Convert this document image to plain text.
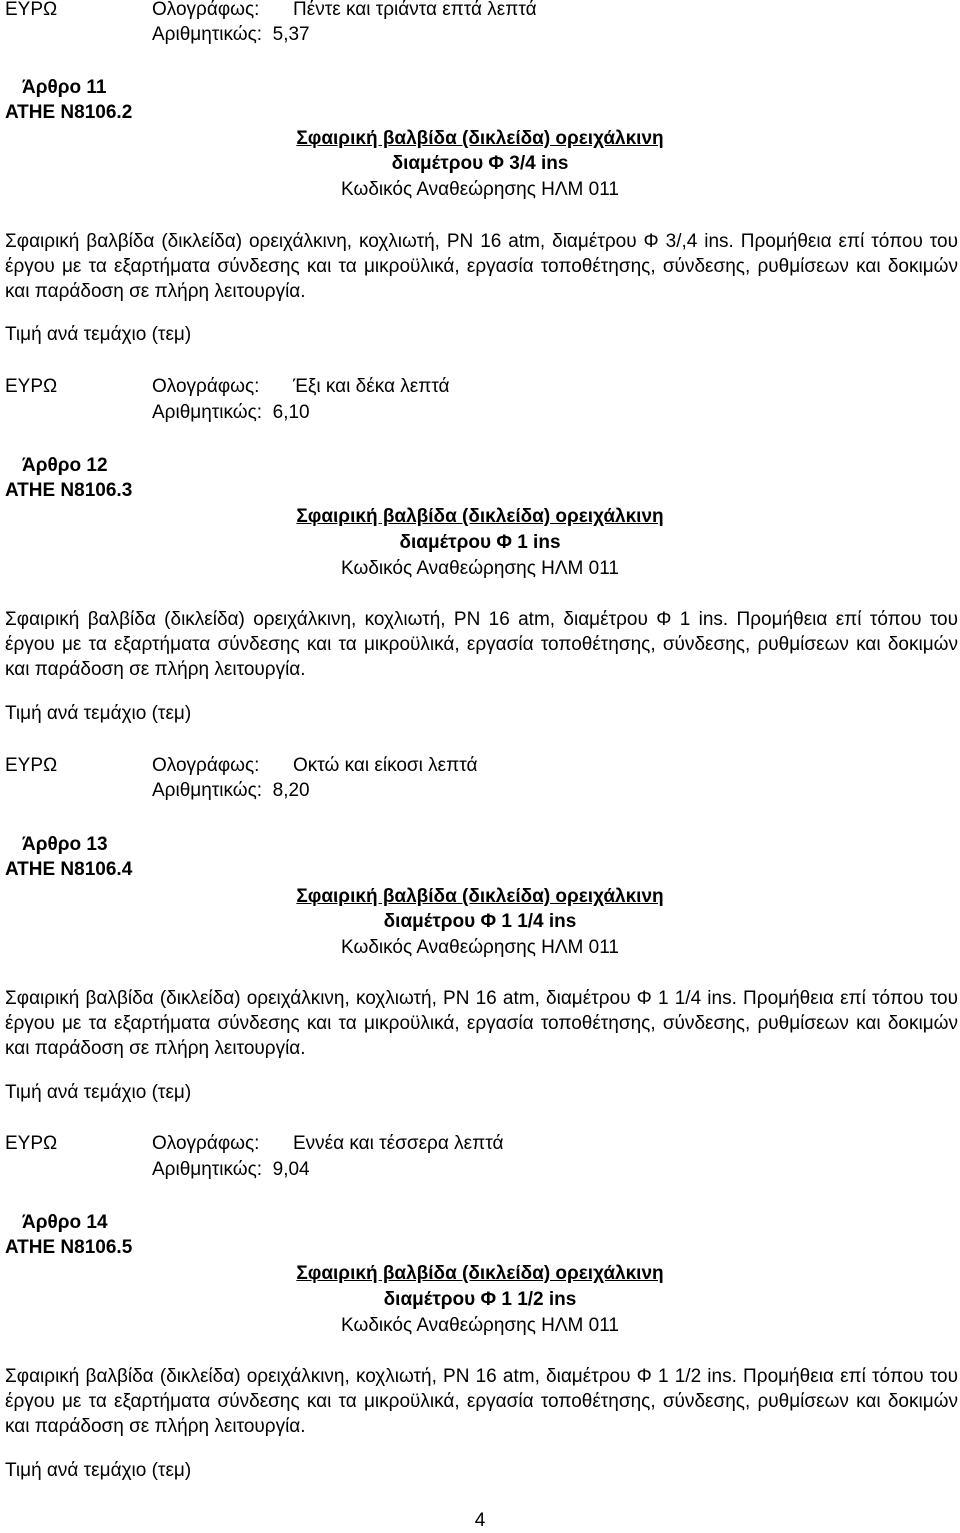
ΕΥΡΩ	Ολογράφως: Πέντε και τριάντα επτά λεπτά
Αριθμητικώς: 5,37
Άρθρο 11
ΑΤΗΕ Ν8106.2
Σφαιρική βαλβίδα (δικλείδα) ορειχάλκινη
διαμέτρου Φ 3/4 ins
Κωδικός Αναθεώρησης ΗΛΜ 011
Σφαιρική βαλβίδα (δικλείδα) ορειχάλκινη, κοχλιωτή, PN 16 atm, διαμέτρου Φ 3/,4 ins. Προμήθεια επί τόπου του έργου με τα εξαρτήματα σύνδεσης και τα μικροϋλικά, εργασία τοποθέτησης, σύνδεσης, ρυθμίσεων και δοκιμών και παράδοση σε πλήρη λειτουργία.
Τιμή ανά τεμάχιο (τεμ)
ΕΥΡΩ	Ολογράφως: Έξι και δέκα λεπτά
Αριθμητικώς: 6,10
Άρθρο 12
ΑΤΗΕ Ν8106.3
Σφαιρική βαλβίδα (δικλείδα) ορειχάλκινη
διαμέτρου Φ 1 ins
Κωδικός Αναθεώρησης ΗΛΜ 011
Σφαιρική βαλβίδα (δικλείδα) ορειχάλκινη, κοχλιωτή, PN 16 atm, διαμέτρου Φ 1 ins. Προμήθεια επί τόπου του έργου με τα εξαρτήματα σύνδεσης και τα μικροϋλικά, εργασία τοποθέτησης, σύνδεσης, ρυθμίσεων και δοκιμών και παράδοση σε πλήρη λειτουργία.
Τιμή ανά τεμάχιο (τεμ)
ΕΥΡΩ	Ολογράφως: Οκτώ και είκοσι λεπτά
Αριθμητικώς: 8,20
Άρθρο 13
ΑΤΗΕ Ν8106.4
Σφαιρική βαλβίδα (δικλείδα) ορειχάλκινη
διαμέτρου Φ 1 1/4 ins
Κωδικός Αναθεώρησης ΗΛΜ 011
Σφαιρική βαλβίδα (δικλείδα) ορειχάλκινη, κοχλιωτή, PN 16 atm, διαμέτρου Φ 1 1/4 ins. Προμήθεια επί τόπου του έργου με τα εξαρτήματα σύνδεσης και τα μικροϋλικά, εργασία τοποθέτησης, σύνδεσης, ρυθμίσεων και δοκιμών και παράδοση σε πλήρη λειτουργία.
Τιμή ανά τεμάχιο (τεμ)
ΕΥΡΩ	Ολογράφως: Εννέα και τέσσερα λεπτά
Αριθμητικώς: 9,04
Άρθρο 14
ΑΤΗΕ Ν8106.5
Σφαιρική βαλβίδα (δικλείδα) ορειχάλκινη
διαμέτρου Φ 1 1/2 ins
Κωδικός Αναθεώρησης ΗΛΜ 011
Σφαιρική βαλβίδα (δικλείδα) ορειχάλκινη, κοχλιωτή, PN 16 atm, διαμέτρου Φ 1 1/2 ins. Προμήθεια επί τόπου του έργου με τα εξαρτήματα σύνδεσης και τα μικροϋλικά, εργασία τοποθέτησης, σύνδεσης, ρυθμίσεων και δοκιμών και παράδοση σε πλήρη λειτουργία.
Τιμή ανά τεμάχιο (τεμ)
4
